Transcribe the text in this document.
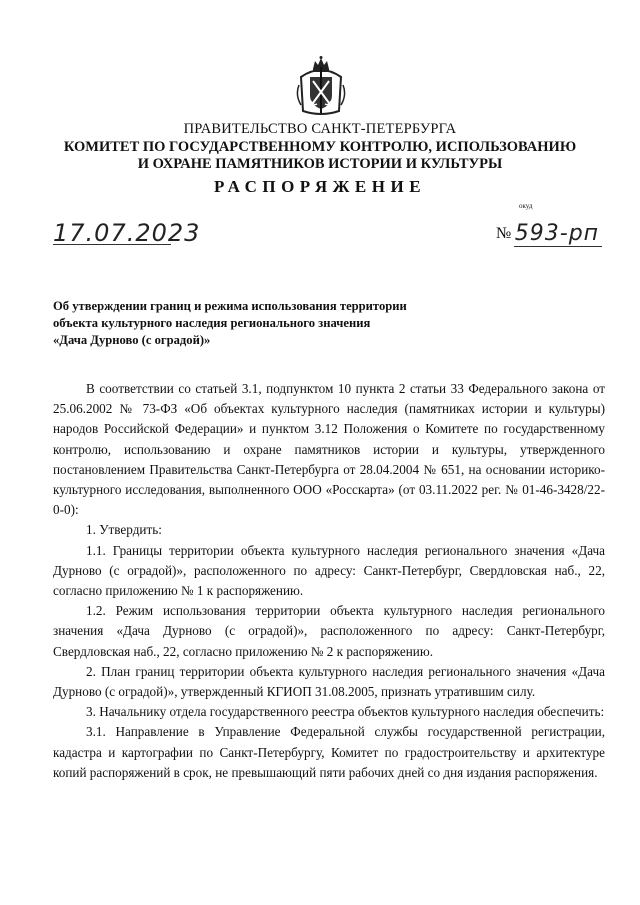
ПРАВИТЕЛЬСТВО САНКТ-ПЕТЕРБУРГА
КОМИТЕТ ПО ГОСУДАРСТВЕННОМУ КОНТРОЛЮ, ИСПОЛЬЗОВАНИЮ
И ОХРАНЕ ПАМЯТНИКОВ ИСТОРИИ И КУЛЬТУРЫ
РАСПОРЯЖЕНИЕ
окуд
17.07.2023	№ 593-рп
Об утверждении границ и режима использования территории
объекта культурного наследия регионального значения
«Дача Дурново (с оградой)»

В соответствии со статьей 3.1, подпунктом 10 пункта 2 статьи 33 Федерального закона от 25.06.2002 № 73-ФЗ «Об объектах культурного наследия (памятниках истории и культуры) народов Российской Федерации» и пунктом 3.12 Положения о Комитете по государственному контролю, использованию и охране памятников истории и культуры, утвержденного постановлением Правительства Санкт-Петербурга от 28.04.2004 № 651, на основании историко-культурного исследования, выполненного ООО «Росскарта» (от 03.11.2022 рег. № 01-46-3428/22-0-0):

1. Утвердить:

1.1. Границы территории объекта культурного наследия регионального значения «Дача Дурново (с оградой)», расположенного по адресу: Санкт-Петербург, Свердловская наб., 22, согласно приложению № 1 к распоряжению.

1.2. Режим использования территории объекта культурного наследия регионального значения «Дача Дурново (с оградой)», расположенного по адресу: Санкт-Петербург, Свердловская наб., 22, согласно приложению № 2 к распоряжению.

2. План границ территории объекта культурного наследия регионального значения «Дача Дурново (с оградой)», утвержденный КГИОП 31.08.2005, признать утратившим силу.

3. Начальнику отдела государственного реестра объектов культурного наследия обеспечить:

3.1. Направление в Управление Федеральной службы государственной регистрации, кадастра и картографии по Санкт-Петербургу, Комитет по градостроительству и архитектуре копий распоряжений в срок, не превышающий пяти рабочих дней со дня издания распоряжения.
